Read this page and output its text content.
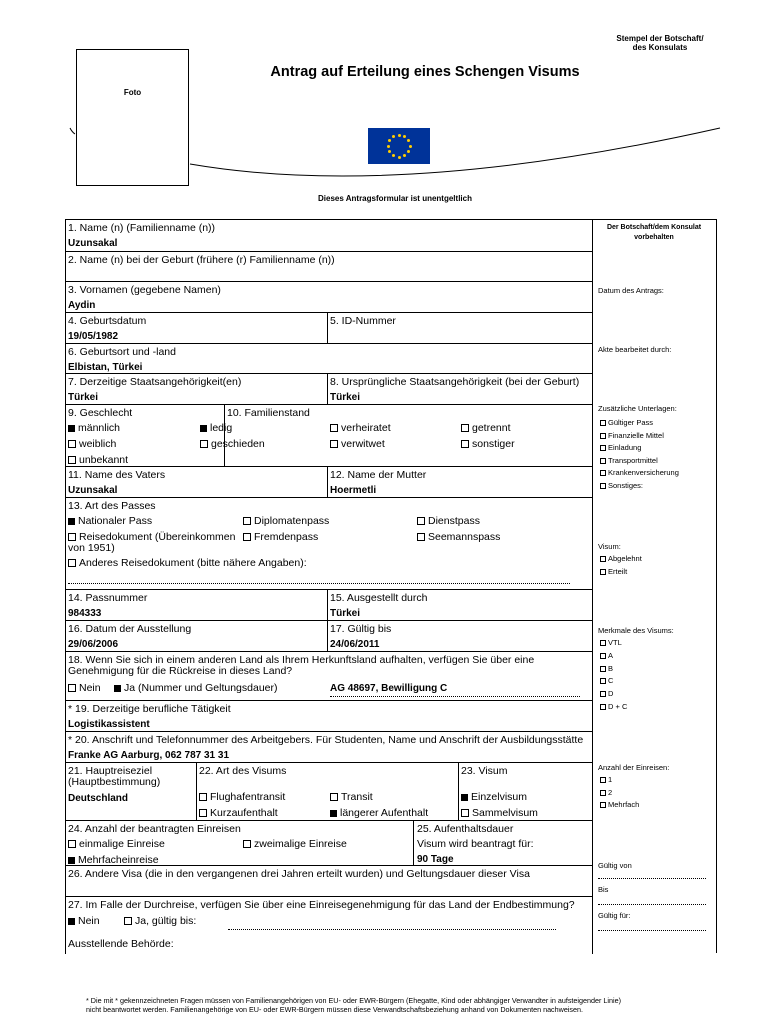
Stempel der Botschaft/
des Konsulats
Foto
Antrag auf Erteilung eines Schengen Visums
Dieses Antragsformular ist unentgeltlich
1. Name (n) (Familienname (n))
Uzunsakal
2. Name (n) bei der Geburt (frühere (r) Familienname (n))
3. Vornamen (gegebene Namen)
Aydin
4. Geburtsdatum
19/05/1982
5. ID-Nummer
6. Geburtsort und -land
Elbistan, Türkei
7. Derzeitige Staatsangehörigkeit(en)
Türkei
8. Ursprüngliche Staatsangehörigkeit (bei der Geburt)
Türkei
9. Geschlecht
männlich
weiblich
unbekannt
10. Familienstand
ledig
geschieden
verheiratet
verwitwet
getrennt
sonstiger
11. Name des Vaters
Uzunsakal
12. Name der Mutter
Hoermetli
13. Art des Passes
Nationaler Pass	Diplomatenpass	Dienstpass
Reisedokument (Übereinkommen
von 1951)
Fremdenpass	Seemannspass
Anderes Reisedokument (bitte nähere Angaben):
14. Passnummer
984333
15. Ausgestellt durch
Türkei
16. Datum der Ausstellung
29/06/2006
17. Gültig bis
24/06/2011
18. Wenn Sie sich in einem anderen Land als Ihrem Herkunftsland aufhalten, verfügen Sie über eine
Genehmigung für die Rückreise in dieses Land?
Nein	Ja (Nummer und Geltungsdauer)	AG 48697, Bewilligung C
* 19. Derzeitige berufliche Tätigkeit
Logistikassistent
* 20. Anschrift und Telefonnummer des Arbeitgebers. Für Studenten, Name und Anschrift der Ausbildungsstätte
Franke AG Aarburg, 062 787 31 31
21. Hauptreiseziel
(Hauptbestimmung)
Deutschland
22. Art des Visums
Flughafentransit
Kurzaufenthalt
Transit
längerer Aufenthalt
23. Visum
Einzelvisum
Sammelvisum
24. Anzahl der beantragten Einreisen
einmalige Einreise	zweimalige Einreise
Mehrfacheinreise
25. Aufenthaltsdauer
Visum wird beantragt für:
90 Tage
26. Andere Visa (die in den vergangenen drei Jahren erteilt wurden) und Geltungsdauer dieser Visa
27. Im Falle der Durchreise, verfügen Sie über eine Einreisegenehmigung für das Land der Endbestimmung?
Nein	Ja, gültig bis:
Ausstellende Behörde:
Der Botschaft/dem Konsulat
vorbehalten
Datum des Antrags:
Akte bearbeitet durch:
Zusätzliche Unterlagen:
Gültiger Pass
Finanzielle Mittel
Einladung
Transportmittel
Krankenversicherung
Sonstiges:
Visum:
Abgelehnt
Erteilt
Merkmale des Visums:
VTL
A
B
C
D
D + C
Anzahl der Einreisen:
1
2
Mehrfach
Gültig von
Bis
Gültig für:
* Die mit * gekennzeichneten Fragen müssen von Familienangehörigen von EU- oder EWR-Bürgern (Ehegatte, Kind oder abhängiger Verwandter in aufsteigender Linie)
nicht beantwortet werden. Familienangehörige von EU- oder EWR-Bürgern müssen diese Verwandtschaftsbeziehung anhand von Dokumenten nachweisen.
